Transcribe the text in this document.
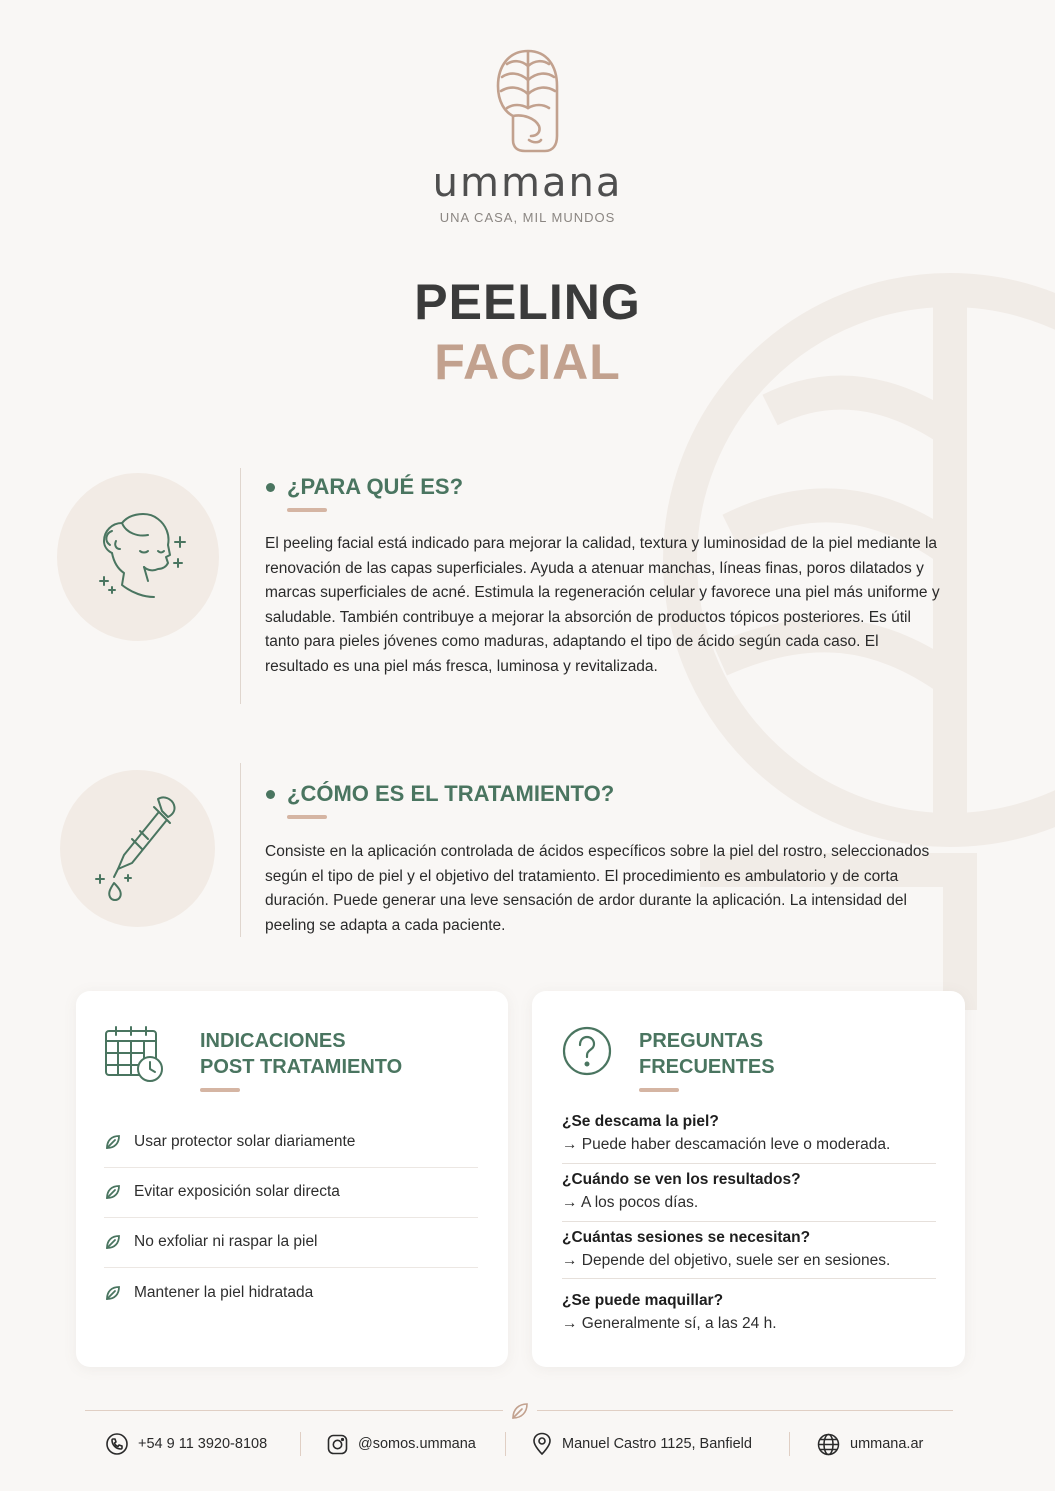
ummana
UNA CASA, MIL MUNDOS
PEELING
FACIAL
¿PARA QUÉ ES?
El peeling facial está indicado para mejorar la calidad, textura y luminosidad de la piel mediante la renovación de las capas superficiales. Ayuda a atenuar manchas, líneas finas, poros dilatados y marcas superficiales de acné. Estimula la regeneración celular y favorece una piel más uniforme y saludable. También contribuye a mejorar la absorción de productos tópicos posteriores. Es útil tanto para pieles jóvenes como maduras, adaptando el tipo de ácido según cada caso. El resultado es una piel más fresca, luminosa y revitalizada.
¿CÓMO ES EL TRATAMIENTO?
Consiste en la aplicación controlada de ácidos específicos sobre la piel del rostro, seleccionados según el tipo de piel y el objetivo del tratamiento. El procedimiento es ambulatorio y de corta duración. Puede generar una leve sensación de ardor durante la aplicación. La intensidad del peeling se adapta a cada paciente.
INDICACIONES
POST TRATAMIENTO
Usar protector solar diariamente
Evitar exposición solar directa
No exfoliar ni raspar la piel
Mantener la piel hidratada
PREGUNTAS
FRECUENTES
¿Se descama la piel?
→ Puede haber descamación leve o moderada.
¿Cuándo se ven los resultados?
→ A los pocos días.
¿Cuántas sesiones se necesitan?
→ Depende del objetivo, suele ser en sesiones.
¿Se puede maquillar?
→ Generalmente sí, a las 24 h.
+54 9 11 3920-8108	@somos.ummana	Manuel Castro 1125, Banfield	ummana.ar
